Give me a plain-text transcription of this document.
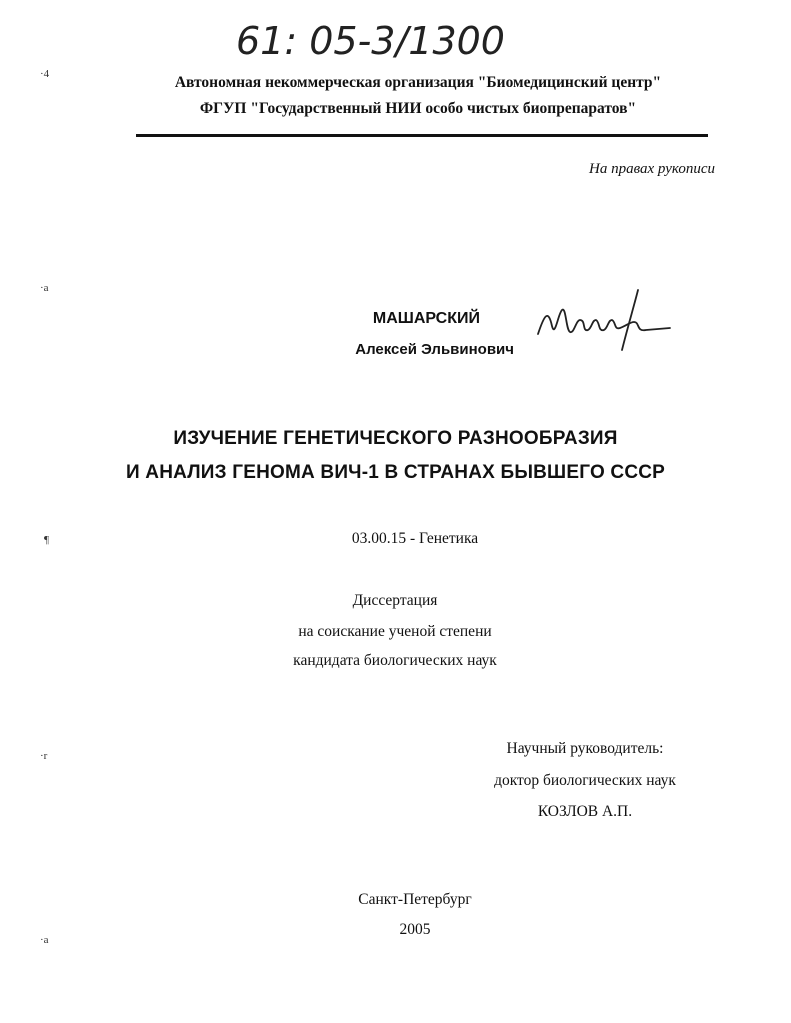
61: 05-3/1300
·4
·a
¶
·r
·a
Автономная некоммерческая организация "Биомедицинский центр"
ФГУП "Государственный НИИ особо чистых биопрепаратов"
На правах рукописи
МАШАРСКИЙ
Алексей Эльвинович
ИЗУЧЕНИЕ ГЕНЕТИЧЕСКОГО РАЗНООБРАЗИЯ
И АНАЛИЗ ГЕНОМА ВИЧ-1 В СТРАНАХ БЫВШЕГО СССР
03.00.15 - Генетика
Диссертация
на соискание ученой степени
кандидата биологических наук
Научный руководитель:
доктор биологических наук
КОЗЛОВ А.П.
Санкт-Петербург
2005
